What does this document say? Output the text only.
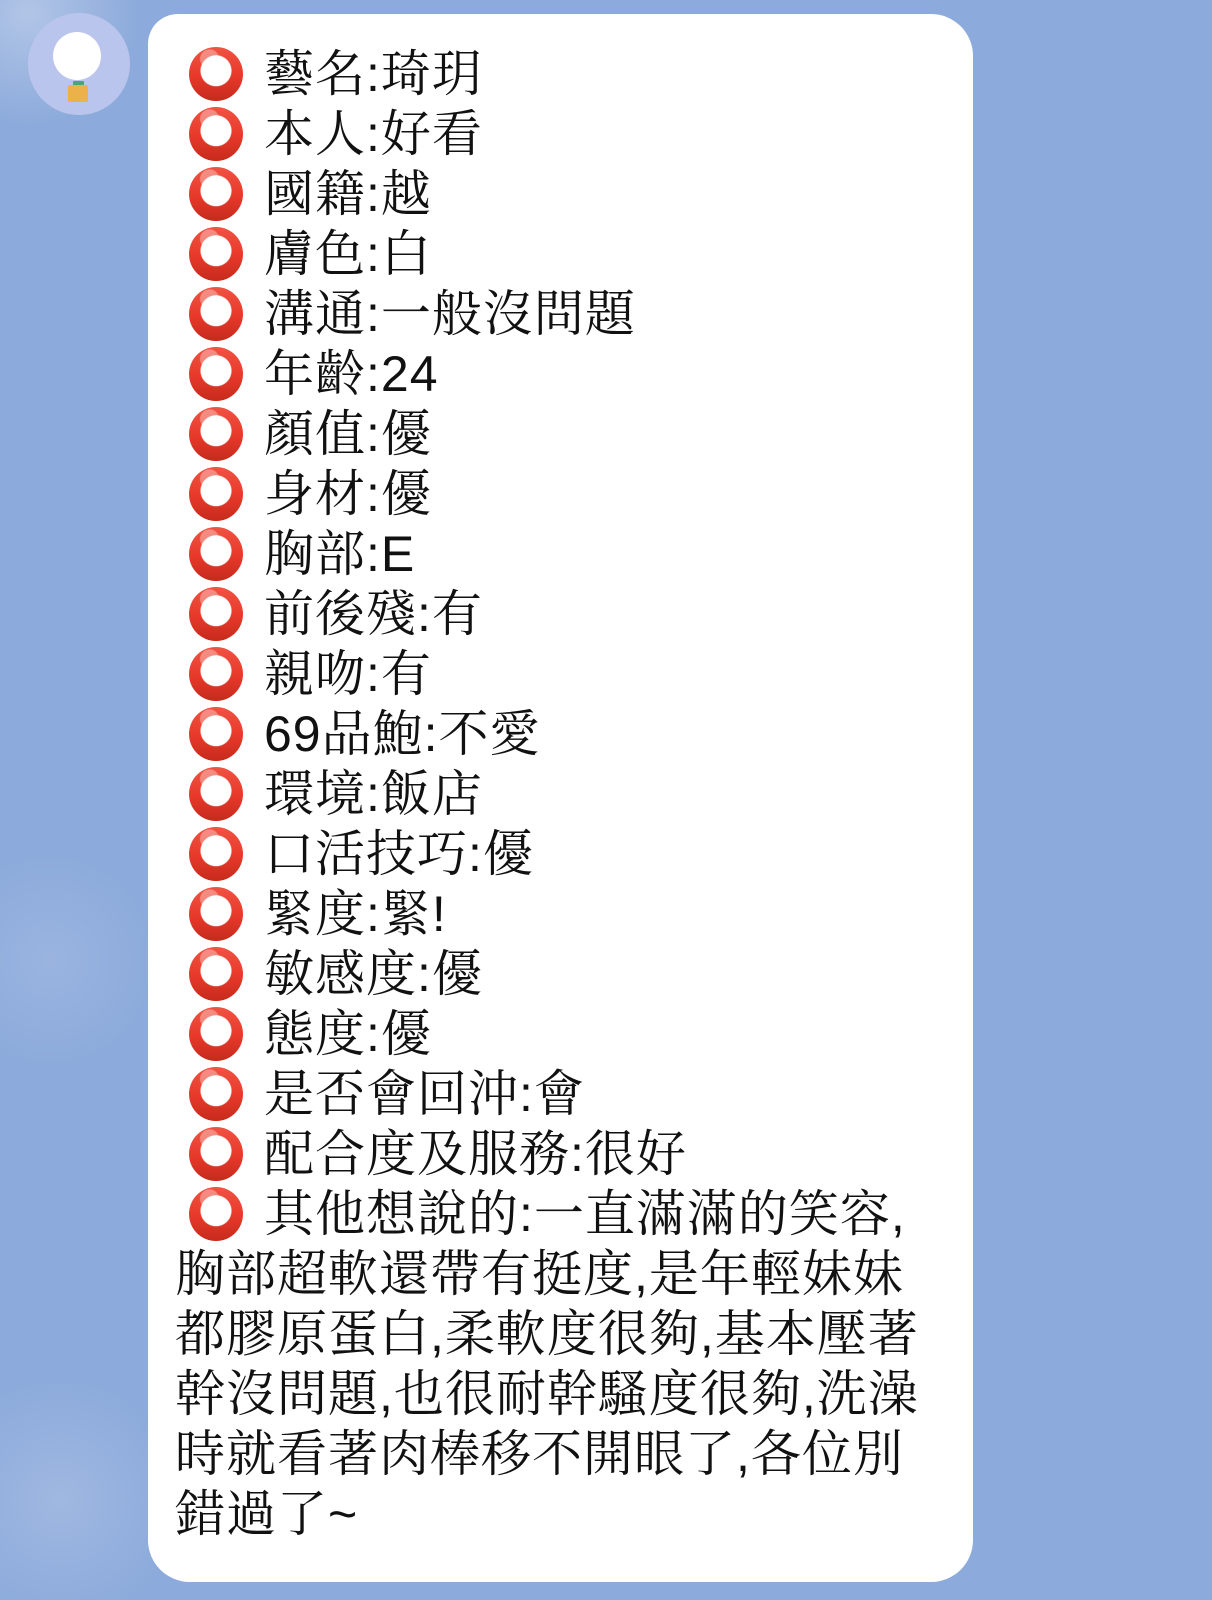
藝名:琦玥
本人:好看
國籍:越
膚色:白
溝通:一般沒問題
年齡:24
顏值:優
身材:優
胸部:E
前後殘:有
親吻:有
69品鮑:不愛
環境:飯店
口活技巧:優
緊度:緊!
敏感度:優
態度:優
是否會回沖:會
配合度及服務:很好
其他想說的:一直滿滿的笑容,胸部超軟還帶有挺度,是年輕妹妹都膠原蛋白,柔軟度很夠,基本壓著幹沒問題,也很耐幹騷度很夠,洗澡時就看著肉棒移不開眼了,各位別錯過了~
